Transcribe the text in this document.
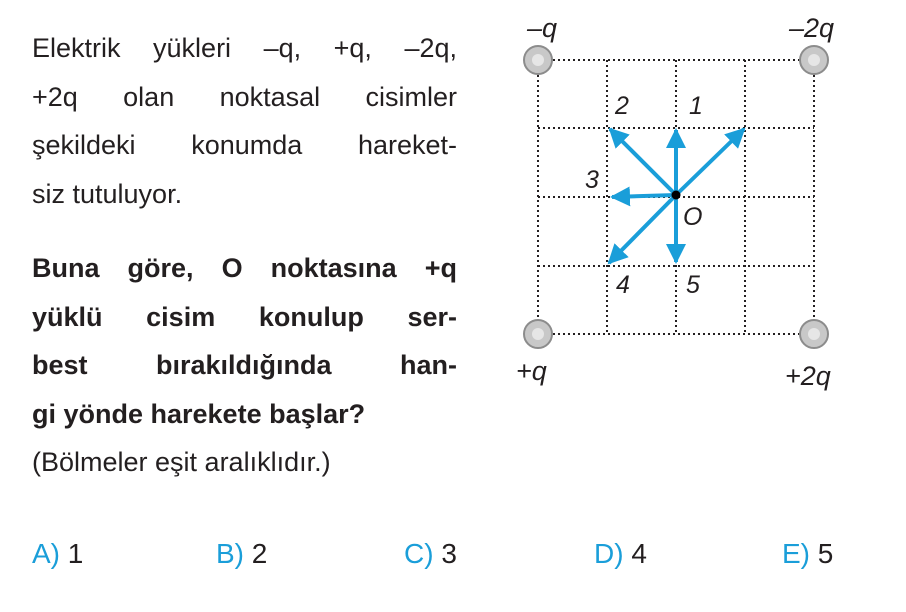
Elektrik yükleri –q, +q, –2q,
+2q olan noktasal cisimler
şekildeki konumda hareket-
siz tutuluyor.
Buna göre, O noktasına +q
yüklü cisim konulup ser-
best bırakıldığında han-
gi yönde harekete başlar?
(Bölmeler eşit aralıklıdır.)
–q	–2q
+q	+2q
1
2
3
4 5
O
A) 1	B) 2	C) 3	D) 4	E) 5
